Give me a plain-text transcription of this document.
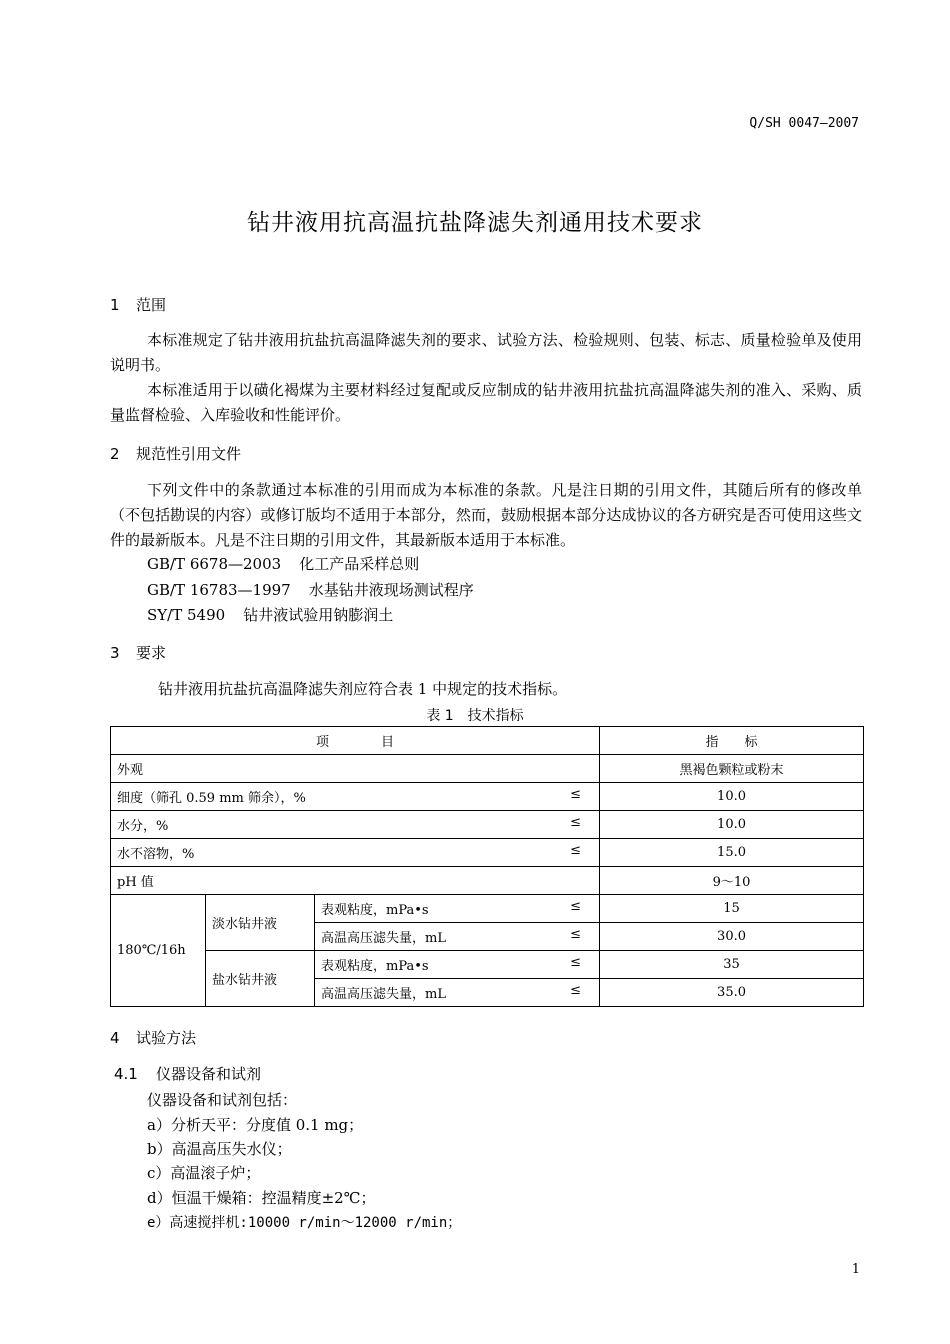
Q/SH 0047—2007
钻井液用抗高温抗盐降滤失剂通用技术要求
1 范围
本标准规定了钻井液用抗盐抗高温降滤失剂的要求、试验方法、检验规则、包装、标志、质量检验单及使用说明书。
本标准适用于以磺化褐煤为主要材料经过复配或反应制成的钻井液用抗盐抗高温降滤失剂的准入、采购、质量监督检验、入库验收和性能评价。
2 规范性引用文件
下列文件中的条款通过本标准的引用而成为本标准的条款。凡是注日期的引用文件，其随后所有的修改单（不包括勘误的内容）或修订版均不适用于本部分，然而，鼓励根据本部分达成协议的各方研究是否可使用这些文件的最新版本。凡是不注日期的引用文件，其最新版本适用于本标准。
GB/T 6678—2003 化工产品采样总则
GB/T 16783—1997 水基钻井液现场测试程序
SY/T 5490 钻井液试验用钠膨润土
3 要求
钻井液用抗盐抗高温降滤失剂应符合表 1 中规定的技术指标。
表 1　技术指标
项　　　　目			指　　标
外观			黑褐色颗粒或粉末
细度（筛孔 0.59 mm 筛余），% ≤			10.0
水分，% ≤			10.0
水不溶物，% ≤			15.0
pH 值			9～10
180℃/16h	淡水钻井液	表观粘度，mPa•s ≤	15
		高温高压滤失量，mL ≤	30.0
	盐水钻井液	表观粘度，mPa•s ≤	35
		高温高压滤失量，mL ≤	35.0
4 试验方法
4.1 仪器设备和试剂
仪器设备和试剂包括：
a）分析天平：分度值 0.1 mg；
b）高温高压失水仪；
c）高温滚子炉；
d）恒温干燥箱：控温精度±2℃；
e）高速搅拌机:10000 r/min～12000 r/min；
1
